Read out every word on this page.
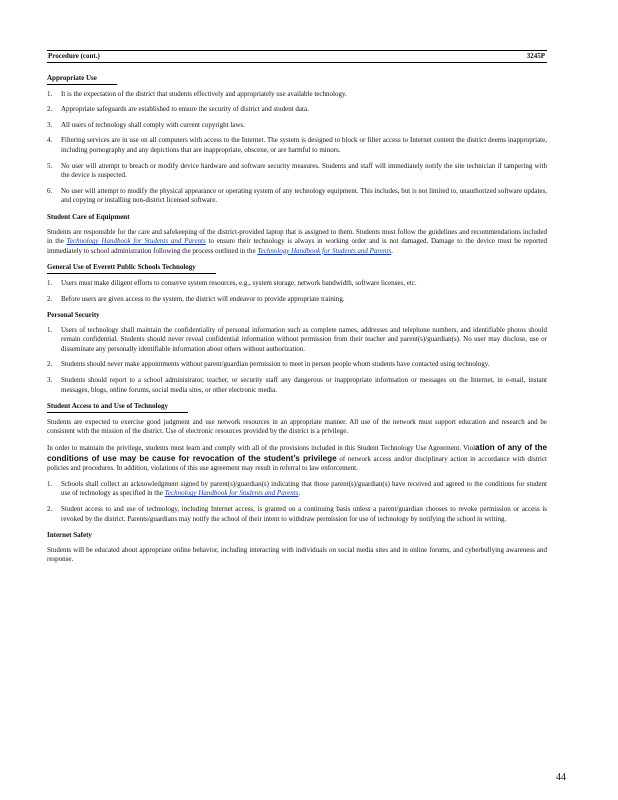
Procedure (cont.)	3245P
Appropriate Use
1. It is the expectation of the district that students effectively and appropriately use available technology.
2. Appropriate safeguards are established to ensure the security of district and student data.
3. All users of technology shall comply with current copyright laws.
4. Filtering services are in use on all computers with access to the Internet. The system is designed to block or filter access to Internet content the district deems inappropriate, including pornography and any depictions that are inappropriate, obscene, or are harmful to minors.
5. No user will attempt to breach or modify device hardware and software security measures. Students and staff will immediately notify the site technician if tampering with the device is suspected.
6. No user will attempt to modify the physical appearance or operating system of any technology equipment. This includes, but is not limited to, unauthorized software updates, and copying or installing non-district licensed software.
Student Care of Equipment

Students are responsible for the care and safekeeping of the district-provided laptop that is assigned to them. Students must follow the guidelines and recommendations included in the Technology Handbook for Students and Parents to ensure their technology is always in working order and is not damaged. Damage to the device must be reported immediately to school administration following the process outlined in the Technology Handbook for Students and Parents.

General Use of Everett Public Schools Technology
1. Users must make diligent efforts to conserve system resources, e.g., system storage, network bandwidth, software licenses, etc.
2. Before users are given access to the system, the district will endeavor to provide appropriate training.
Personal Security
1. Users of technology shall maintain the confidentiality of personal information such as complete names, addresses and telephone numbers, and identifiable photos should remain confidential. Students should never reveal confidential information without permission from their teacher and parent(s)/guardian(s). No user may disclose, use or disseminate any personally identifiable information about others without authorization.
2. Students should never make appointments without parent/guardian permission to meet in person people whom students have contacted using technology.
3. Students should report to a school administrator, teacher, or security staff any dangerous or inappropriate information or messages on the Internet, in e-mail, instant messages, blogs, online forums, social media sites, or other electronic media.
Student Access to and Use of Technology

Students are expected to exercise good judgment and use network resources in an appropriate manner. All use of the network must support education and research and be consistent with the mission of the district. Use of electronic resources provided by the district is a privilege.

In order to maintain the privilege, students must learn and comply with all of the provisions included in this Student Technology Use Agreement. Violation of any of the conditions of use may be cause for revocation of the student’s privilege of network access and/or disciplinary action in accordance with district policies and procedures. In addition, violations of this use agreement may result in referral to law enforcement.

1. Schools shall collect an acknowledgment signed by parent(s)/guardian(s) indicating that those parent(s)/guardian(s) have received and agreed to the conditions for student use of technology as specified in the Technology Handbook for Students and Parents.
2. Student access to and use of technology, including Internet access, is granted on a continuing basis unless a parent/guardian chooses to revoke permission or access is revoked by the district. Parents/guardians may notify the school of their intent to withdraw permission for use of technology by notifying the school in writing.
Internet Safety

Students will be educated about appropriate online behavior, including interacting with individuals on social media sites and in online forums, and cyberbullying awareness and response.

44
